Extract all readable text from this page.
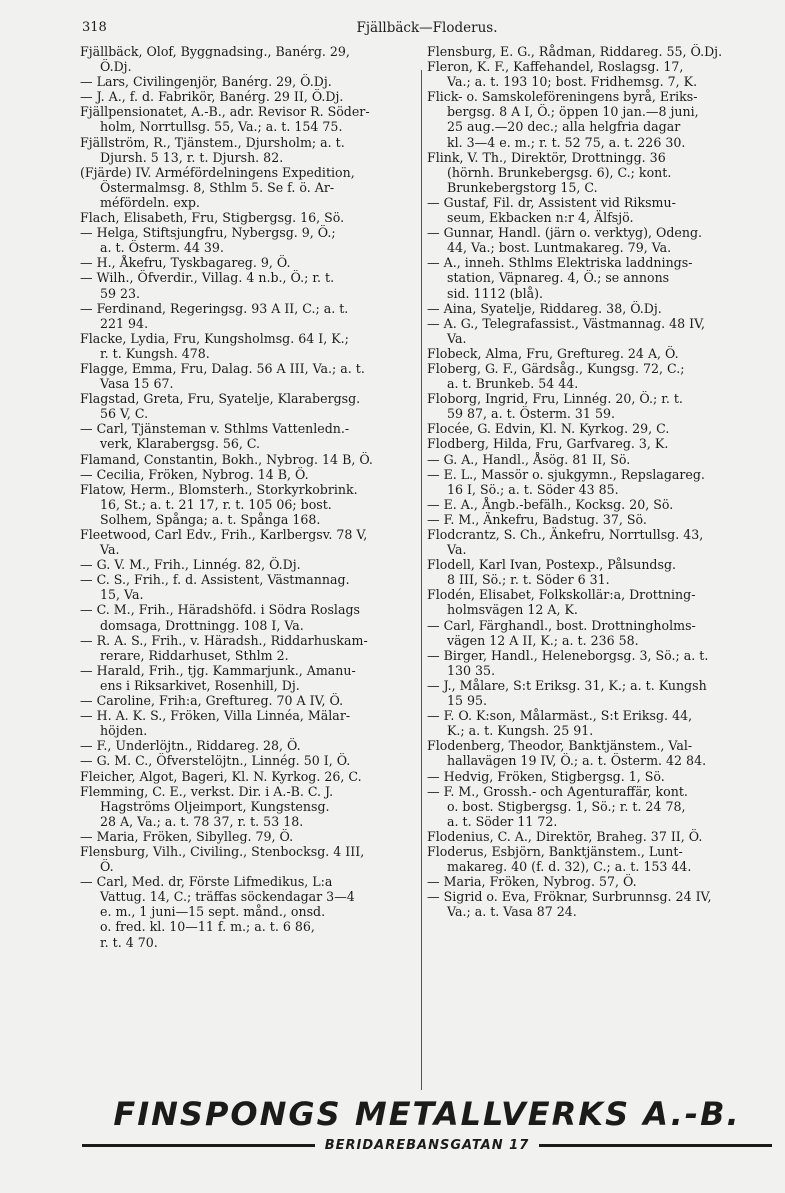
318	Fjällbäck—Floderus.
Fjällbäck, Olof, Byggnadsing., Banérg. 29,
Ö.Dj.
— Lars, Civilingenjör, Banérg. 29, Ö.Dj.
— J. A., f. d. Fabrikör, Banérg. 29 II, Ö.Dj.
Fjällpensionatet, A.-B., adr. Revisor R. Söder-
holm, Norrtullsg. 55, Va.; a. t. 154 75.
Fjällström, R., Tjänstem., Djursholm; a. t.
Djursh. 5 13, r. t. Djursh. 82.
(Fjärde) IV. Arméfördelningens Expedition,
Östermalmsg. 8, Sthlm 5. Se f. ö. Ar-
méfördeln. exp.
Flach, Elisabeth, Fru, Stigbergsg. 16, Sö.
— Helga, Stiftsjungfru, Nybergsg. 9, Ö.;
a. t. Österm. 44 39.
— H., Åkefru, Tyskbagareg. 9, Ö.
— Wilh., Öfverdir., Villag. 4 n.b., Ö.; r. t.
59 23.
— Ferdinand, Regeringsg. 93 A II, C.; a. t.
221 94.
Flacke, Lydia, Fru, Kungsholmsg. 64 I, K.;
r. t. Kungsh. 478.
Flagge, Emma, Fru, Dalag. 56 A III, Va.; a. t.
Vasa 15 67.
Flagstad, Greta, Fru, Syatelje, Klarabergsg.
56 V, C.
— Carl, Tjänsteman v. Sthlms Vattenledn.-
verk, Klarabergsg. 56, C.
Flamand, Constantin, Bokh., Nybrog. 14 B, Ö.
— Cecilia, Fröken, Nybrog. 14 B, Ö.
Flatow, Herm., Blomsterh., Storkyrkobrink.
16, St.; a. t. 21 17, r. t. 105 06; bost.
Solhem, Spånga; a. t. Spånga 168.
Fleetwood, Carl Edv., Frih., Karlbergsv. 78 V,
Va.
— G. V. M., Frih., Linnég. 82, Ö.Dj.
— C. S., Frih., f. d. Assistent, Västmannag.
15, Va.
— C. M., Frih., Häradshöfd. i Södra Roslags
domsaga, Drottningg. 108 I, Va.
— R. A. S., Frih., v. Häradsh., Riddarhuskam-
rerare, Riddarhuset, Sthlm 2.
— Harald, Frih., tjg. Kammarjunk., Amanu-
ens i Riksarkivet, Rosenhill, Dj.
— Caroline, Frih:a, Greftureg. 70 A IV, Ö.
— H. A. K. S., Fröken, Villa Linnéa, Mälar-
höjden.
— F., Underlöjtn., Riddareg. 28, Ö.
— G. M. C., Öfverstelöjtn., Linnég. 50 I, Ö.
Fleicher, Algot, Bageri, Kl. N. Kyrkog. 26, C.
Flemming, C. E., verkst. Dir. i A.-B. C. J.
Hagströms Oljeimport, Kungstensg.
28 A, Va.; a. t. 78 37, r. t. 53 18.
— Maria, Fröken, Sibylleg. 79, Ö.
Flensburg, Vilh., Civiling., Stenbocksg. 4 III,
Ö.
— Carl, Med. dr, Förste Lifmedikus, L:a
Vattug. 14, C.; träffas söckendagar 3—4
e. m., 1 juni—15 sept. månd., onsd.
o. fred. kl. 10—11 f. m.; a. t. 6 86,
r. t. 4 70.
Flensburg, E. G., Rådman, Riddareg. 55, Ö.Dj.
Fleron, K. F., Kaffehandel, Roslagsg. 17,
Va.; a. t. 193 10; bost. Fridhemsg. 7, K.
Flick- o. Samskoleföreningens byrå, Eriks-
bergsg. 8 A I, Ö.; öppen 10 jan.—8 juni,
25 aug.—20 dec.; alla helgfria dagar
kl. 3—4 e. m.; r. t. 52 75, a. t. 226 30.
Flink, V. Th., Direktör, Drottningg. 36
(hörnh. Brunkebergsg. 6), C.; kont.
Brunkebergstorg 15, C.
— Gustaf, Fil. dr, Assistent vid Riksmu-
seum, Ekbacken n:r 4, Älfsjö.
— Gunnar, Handl. (järn o. verktyg), Odeng.
44, Va.; bost. Luntmakareg. 79, Va.
— A., inneh. Sthlms Elektriska laddnings-
station, Väpnareg. 4, Ö.; se annons
sid. 1112 (blå).
— Aina, Syatelje, Riddareg. 38, Ö.Dj.
— A. G., Telegrafassist., Västmannag. 48 IV,
Va.
Flobeck, Alma, Fru, Greftureg. 24 A, Ö.
Floberg, G. F., Gärdsåg., Kungsg. 72, C.;
a. t. Brunkeb. 54 44.
Floborg, Ingrid, Fru, Linnég. 20, Ö.; r. t.
59 87, a. t. Österm. 31 59.
Flocée, G. Edvin, Kl. N. Kyrkog. 29, C.
Flodberg, Hilda, Fru, Garfvareg. 3, K.
— G. A., Handl., Åsög. 81 II, Sö.
— E. L., Massör o. sjukgymn., Repslagareg.
16 I, Sö.; a. t. Söder 43 85.
— E. A., Ångb.-befälh., Kocksg. 20, Sö.
— F. M., Änkefru, Badstug. 37, Sö.
Flodcrantz, S. Ch., Änkefru, Norrtullsg. 43,
Va.
Flodell, Karl Ivan, Postexp., Pålsundsg.
8 III, Sö.; r. t. Söder 6 31.
Flodén, Elisabet, Folkskollär:a, Drottning-
holmsvägen 12 A, K.
— Carl, Färghandl., bost. Drottningholms-
vägen 12 A II, K.; a. t. 236 58.
— Birger, Handl., Heleneborgsg. 3, Sö.; a. t.
130 35.
— J., Målare, S:t Eriksg. 31, K.; a. t. Kungsh
15 95.
— F. O. K:son, Målarmäst., S:t Eriksg. 44,
K.; a. t. Kungsh. 25 91.
Flodenberg, Theodor, Banktjänstem., Val-
hallavägen 19 IV, Ö.; a. t. Österm. 42 84.
— Hedvig, Fröken, Stigbergsg. 1, Sö.
— F. M., Grossh.- och Agenturaffär, kont.
o. bost. Stigbergsg. 1, Sö.; r. t. 24 78,
a. t. Söder 11 72.
Flodenius, C. A., Direktör, Braheg. 37 II, Ö.
Floderus, Esbjörn, Banktjänstem., Lunt-
makareg. 40 (f. d. 32), C.; a. t. 153 44.
— Maria, Fröken, Nybrog. 57, Ö.
— Sigrid o. Eva, Fröknar, Surbrunnsg. 24 IV,
Va.; a. t. Vasa 87 24.
FINSPONGS METALLVERKS A.-B.
BERIDAREBANSGATAN 17
